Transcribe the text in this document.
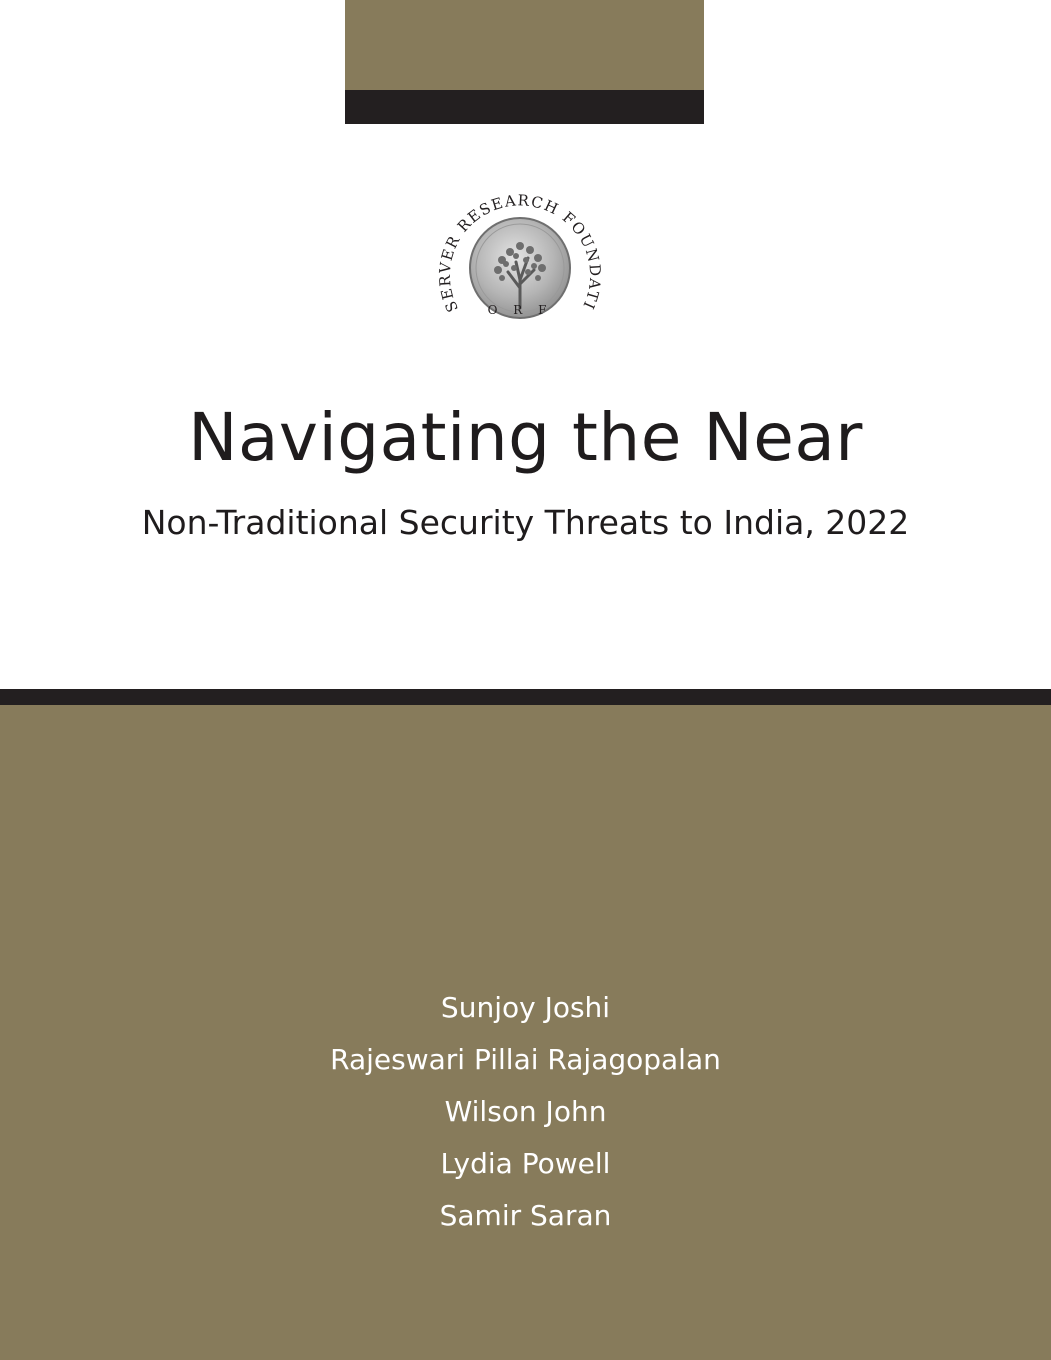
SERVER RESEARCH FOUNDATI
O R F
Navigating the Near
Non-Traditional Security Threats to India, 2022
Sunjoy Joshi
Rajeswari Pillai Rajagopalan
Wilson John
Lydia Powell
Samir Saran
